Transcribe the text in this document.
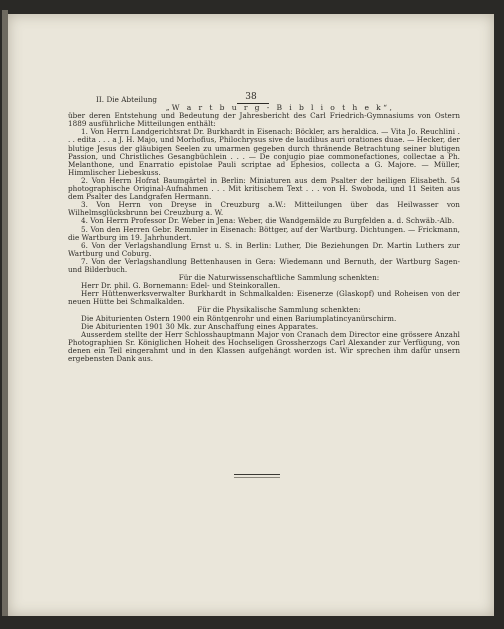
38

II. Die Abteilung

„W a r t b u r g - B i b l i o t h e k“,

über deren Entstehung und Bedeutung der Jahresbericht des Carl Friedrich-Gymnasiums von Ostern 1889 ausführliche Mitteilungen enthält:

1. Von Herrn Landgerichtsrat Dr. Burkhardt in Eisenach: Böckler, ars heraldica. — Vita Jo. Reuchlini . . . edita . . . a J. H. Majo, und Morhofius, Philochrysus sive de laudibus auri orationes duae. — Hecker, der blutige Jesus der gläubigen Seelen zu umarmen gegeben durch thränende Betrachtung seiner blutigen Passion, und Christliches Gesangbüchlein . . . — De conjugio piae commonefactiones, collectae a Ph. Melanthone, und Enarratio epistolae Pauli scriptae ad Ephesios, collecta a G. Majore. — Müller, Himmlischer Liebeskuss.

2. Von Herrn Hofrat Baumgärtel in Berlin: Miniaturen aus dem Psalter der heiligen Elisabeth. 54 photographische Original-Aufnahmen . . . Mit kritischem Text . . . von H. Swoboda, und 11 Seiten aus dem Psalter des Landgrafen Hermann.

3. Von Herrn von Dreyse in Creuzburg a.W.: Mitteilungen über das Heilwasser von Wilhelmsglücksbrunn bei Creuzburg a. W.

4. Von Herrn Professor Dr. Weber in Jena: Weber, die Wandgemälde zu Burgfelden a. d. Schwäb.-Alb.

5. Von den Herren Gebr. Remmler in Eisenach: Böttger, auf der Wartburg. Dichtungen. — Frickmann, die Wartburg im 19. Jahrhundert.

6. Von der Verlagshandlung Ernst u. S. in Berlin: Luther, Die Beziehungen Dr. Martin Luthers zur Wartburg und Coburg.

7. Von der Verlagshandlung Bettenhausen in Gera: Wiedemann und Bernuth, der Wartburg Sagen- und Bilderbuch.

Für die Naturwissenschaftliche Sammlung schenkten:

Herr Dr. phil. G. Bornemann: Edel- und Steinkorallen.

Herr Hüttenwerksverwalter Burkhardt in Schmalkalden: Eisenerze (Glaskopf) und Roheisen von der neuen Hütte bei Schmalkalden.

Für die Physikalische Sammlung schenkten:

Die Abiturienten Ostern 1900 ein Röntgenrohr und einen Bariumplatincyanürschirm.

Die Abiturienten 1901 30 Mk. zur Anschaffung eines Apparates.

Ausserdem stellte der Herr Schlosshauptmann Major von Cranach dem Director eine grössere Anzahl Photographien Sr. Königlichen Hoheit des Hochseligen Grossherzogs Carl Alexander zur Verfügung, von denen ein Teil eingerahmt und in den Klassen aufgehängt worden ist. Wir sprechen ihm dafür unsern ergebensten Dank aus.
